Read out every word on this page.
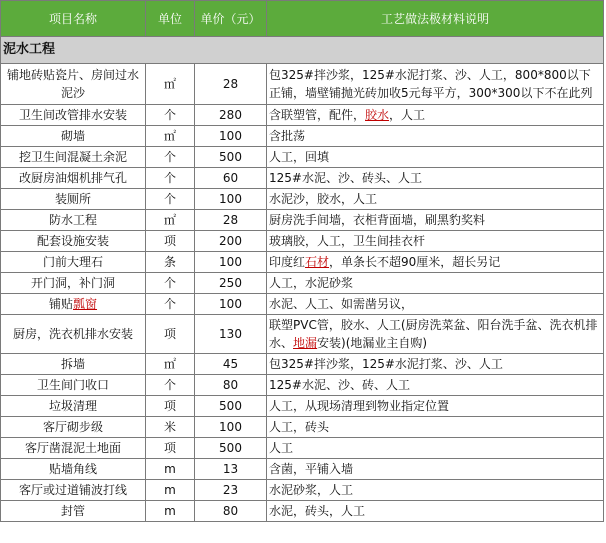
项目名称	单位	单价（元）	工艺做法极材料说明
泥水工程			
铺地砖贴瓷片、房间过水泥沙	㎡	28	包325#拌沙浆，125#水泥打浆、沙、人工，800*800以下正铺，墙壁铺抛光砖加收5元每平方，300*300以下不在此列
卫生间改管排水安装	个	280	含联塑管，配件，胶水，人工
砌墙	㎡	100	含批荡
挖卫生间混凝土余泥	个	500	人工，回填
改厨房油烟机排气孔	个	60	125#水泥、沙、砖头、人工
装厕所	个	100	水泥沙，胶水，人工
防水工程	㎡	28	厨房洗手间墙，衣柜背面墙，刷黑豹奖料
配套设施安装	项	200	玻璃胶，人工，卫生间挂衣杆
门前大理石	条	100	印度红石材，单条长不超90厘米，超长另记
开门洞，补门洞	个	250	人工，水泥砂浆
铺贴瓢窗	个	100	水泥、人工、如需凿另议，
厨房，洗衣机排水安装	项	130	联塑PVC管，胶水、人工(厨房洗菜盆、阳台洗手盆、洗衣机排水、地漏安装)(地漏业主自购)
拆墙	㎡	45	包325#拌沙浆，125#水泥打浆、沙、人工
卫生间门收口	个	80	125#水泥、沙、砖、人工
垃圾清理	项	500	人工，从现场清理到物业指定位置
客厅砌步级	米	100	人工，砖头
客厅凿混泥土地面	项	500	人工
贴墙角线	m	13	含菌，平铺入墙
客厅或过道铺波打线	m	23	水泥砂浆，人工
封管	m	80	水泥，砖头，人工
